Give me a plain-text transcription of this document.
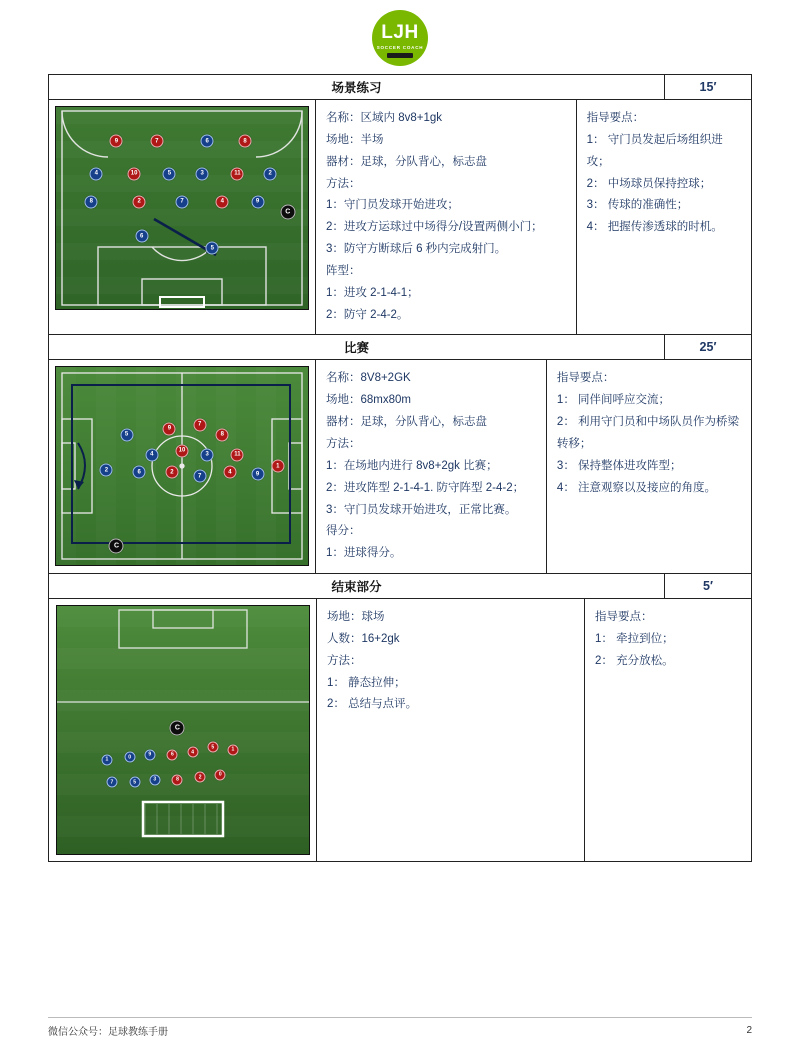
LJH
SOCCER COACH
场景练习	15′
C
9	7	6	8
4	10	5	3	11	2
8	2	7	4	9
6
5
名称：区域内 8v8+1gk
场地：半场
器材：足球，分队背心，标志盘
方法：
1：守门员发球开始进攻；
2：进攻方运球过中场得分/设置两侧小门；
3：防守方断球后 6 秒内完成射门。
阵型：
1：进攻 2-1-4-1；
2：防守 2-4-2。
指导要点：
1： 守门员发起后场组织进攻；
2： 中场球员保持控球；
3： 传球的准确性；
4： 把握传渗透球的时机。
比赛	25′
5
9
7
8
4
10
3	11
2	6	2
7
4	9
1
C
名称：8V8+2GK
场地：68mx80m
器材：足球，分队背心，标志盘
方法：
1：在场地内进行 8v8+2gk 比赛；
2：进攻阵型 2-1-4-1. 防守阵型 2-4-2；
3：守门员发球开始进攻，正常比赛。
得分：
1：进球得分。
指导要点：
1： 同伴间呼应交流；
2： 利用守门员和中场队员作为桥梁转移；
3： 保持整体进攻阵型；
4： 注意观察以及接应的角度。
结束部分	5′
C
1	0	9	6	4
5	1
7	5	3	8	2	0
场地：球场
人数：16+2gk
方法：
1： 静态拉伸；
2： 总结与点评。
指导要点：
1： 牵拉到位；
2： 充分放松。
微信公众号：足球教练手册	2
